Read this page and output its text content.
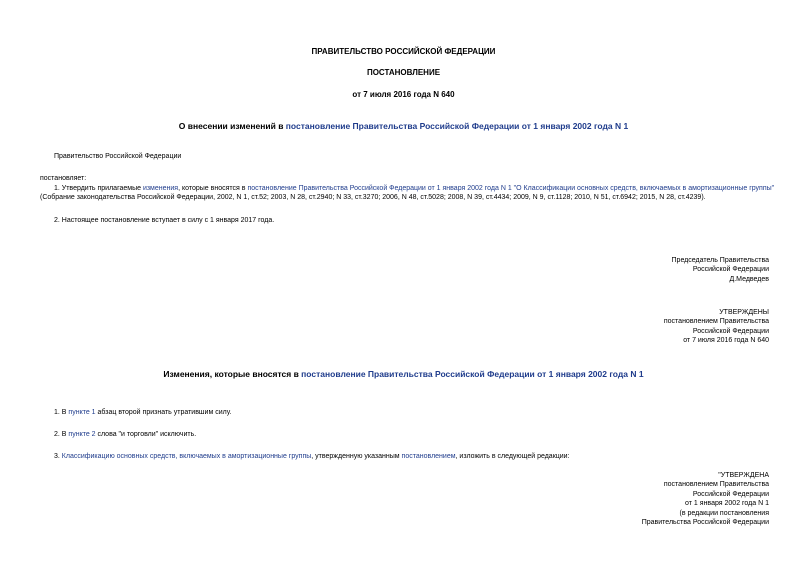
ПРАВИТЕЛЬСТВО РОССИЙСКОЙ ФЕДЕРАЦИИ
ПОСТАНОВЛЕНИЕ
от 7 июля 2016 года N 640
О внесении изменений в постановление Правительства Российской Федерации от 1 января 2002 года N 1
Правительство Российской Федерации
постановляет:
1. Утвердить прилагаемые изменения, которые вносятся в постановление Правительства Российской Федерации от 1 января 2002 года N 1 "О Классификации основных средств, включаемых в амортизационные группы" (Собрание законодательства Российской Федерации, 2002, N 1, ст.52; 2003, N 28, ст.2940; N 33, ст.3270; 2006, N 48, ст.5028; 2008, N 39, ст.4434; 2009, N 9, ст.1128; 2010, N 51, ст.6942; 2015, N 28, ст.4239).
2. Настоящее постановление вступает в силу с 1 января 2017 года.
Председатель Правительства
Российской Федерации
Д.Медведев
УТВЕРЖДЕНЫ
постановлением Правительства
Российской Федерации
от 7 июля 2016 года N 640
Изменения, которые вносятся в постановление Правительства Российской Федерации от 1 января 2002 года N 1
1. В пункте 1 абзац второй признать утратившим силу.
2. В пункте 2 слова "и торговли" исключить.
3. Классификацию основных средств, включаемых в амортизационные группы, утвержденную указанным постановлением, изложить в следующей редакции:
"УТВЕРЖДЕНА
постановлением Правительства
Российской Федерации
от 1 января 2002 года N 1
(в редакции постановления
Правительства Российской Федерации
